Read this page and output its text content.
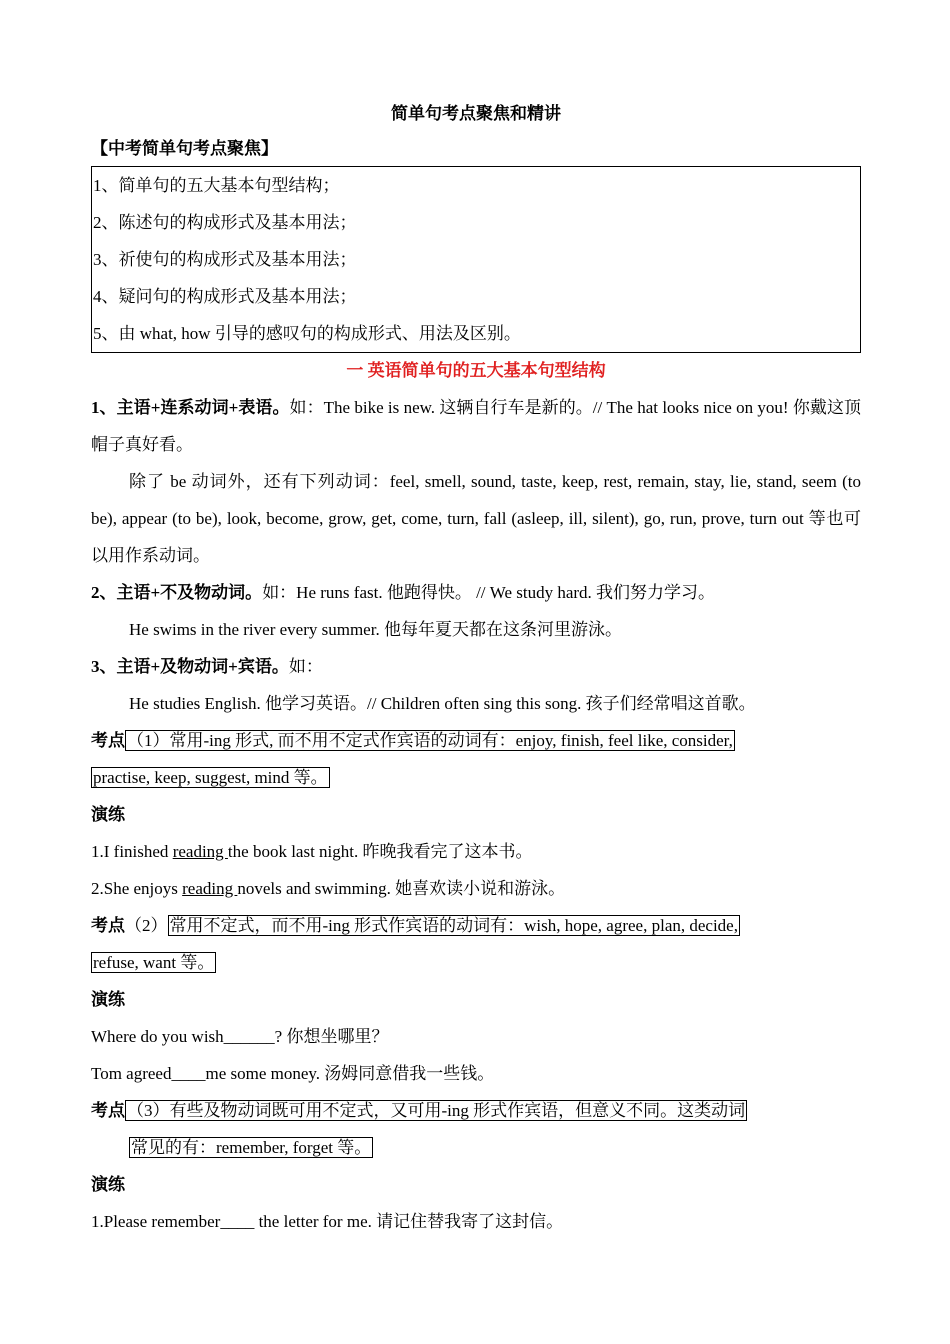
简单句考点聚焦和精讲

【中考简单句考点聚焦】

1、简单句的五大基本句型结构；
2、陈述句的构成形式及基本用法；
3、祈使句的构成形式及基本用法；
4、疑问句的构成形式及基本用法；
5、由 what, how 引导的感叹句的构成形式、用法及区别。

一 英语简单句的五大基本句型结构

1、主语+连系动词+表语。如：The bike is new. 这辆自行车是新的。// The hat looks nice on you! 你戴这顶帽子真好看。

除了 be 动词外，还有下列动词：feel, smell, sound, taste, keep, rest, remain, stay, lie, stand, seem (to be), appear (to be), look, become, grow, get, come, turn, fall (asleep, ill, silent), go, run, prove, turn out 等也可以用作系动词。

2、主语+不及物动词。如：He runs fast. 他跑得快。 // We study hard. 我们努力学习。

He swims in the river every summer. 他每年夏天都在这条河里游泳。

3、主语+及物动词+宾语。如：

He studies English. 他学习英语。// Children often sing this song. 孩子们经常唱这首歌。

考点 （1）常用-ing 形式, 而不用不定式作宾语的动词有：enjoy, finish, feel like, consider,
practise, keep, suggest, mind 等。

演练

1.I finished reading the book last night. 昨晚我看完了这本书。

2.She enjoys reading novels and swimming. 她喜欢读小说和游泳。

考点（2） 常用不定式，而不用-ing 形式作宾语的动词有：wish, hope, agree, plan, decide,
refuse, want 等。

演练

Where do you wish______? 你想坐哪里？

Tom agreed____me some money. 汤姆同意借我一些钱。

考点 （3）有些及物动词既可用不定式，又可用-ing 形式作宾语，但意义不同。这类动词
常见的有：remember, forget 等。

演练

1.Please remember____ the letter for me. 请记住替我寄了这封信。
